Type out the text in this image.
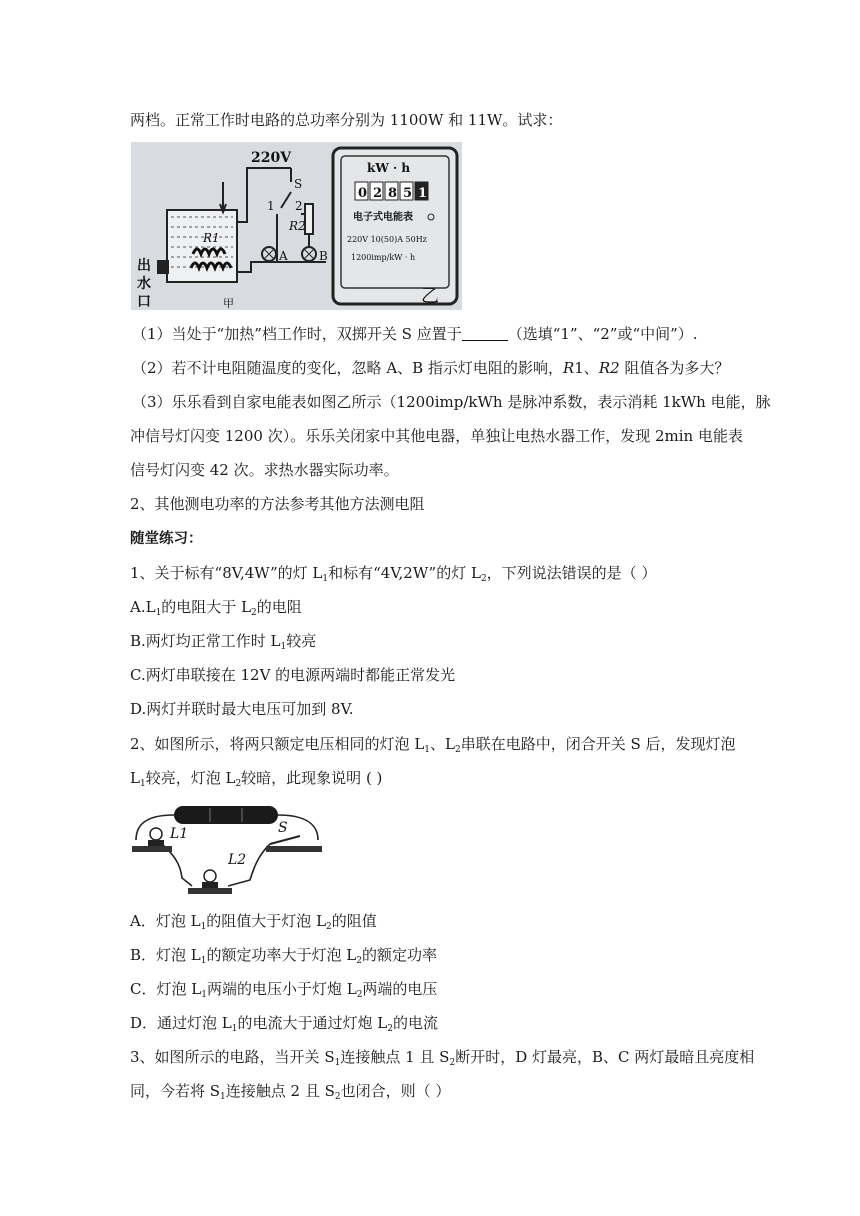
两档。正常工作时电路的总功率分别为 1100W 和 11W。试求：
R1
出
水
口
220V
S
1 2
R2
A	B
甲
kW · h
0 2 8 5 1
电子式电能表
220V 10(50)A 50Hz
1200imp/kW · h
乙
（1）当处于“加热”档工作时，双掷开关 S 应置于	（选填“1”、“2”或“中间”）.
（2）若不计电阻随温度的变化，忽略 A、B 指示灯电阻的影响，R1、R2 阻值各为多大？
（3）乐乐看到自家电能表如图乙所示（1200imp/kWh 是脉冲系数，表示消耗 1kWh 电能，脉
冲信号灯闪变 1200 次）。乐乐关闭家中其他电器，单独让电热水器工作，发现 2min 电能表
信号灯闪变 42 次。求热水器实际功率。
2、其他测电功率的方法参考其他方法测电阻
随堂练习：
1、关于标有“8V,4W”的灯 $L_1$和标有“4V,2W”的灯 $L_2$，下列说法错误的是（ ）
$A.L_1$的电阻大于 $L_2$的电阻
B.两灯均正常工作时 $L_1$较亮
C.两灯串联接在 12V 的电源两端时都能正常发光
D.两灯并联时最大电压可加到 8V.
2、如图所示，将两只额定电压相同的灯泡 $L_1$、$L_2$串联在电路中，闭合开关 S 后，发现灯泡
$L_1$较亮，灯泡 $L_2$较暗，此现象说明 ( )
L1	S
L2
A．灯泡 $L_1$的阻值大于灯泡 $L_2$的阻值
B．灯泡 $L_1$的额定功率大于灯泡 $L_2$的额定功率
C．灯泡 $L_1$两端的电压小于灯炮 $L_2$两端的电压
D．通过灯泡 $L_1$的电流大于通过灯炮 $L_2$的电流
3、如图所示的电路，当开关 $S_1$连接触点 1 且 $S_2$断开时，D 灯最亮，B、C 两灯最暗且亮度相
同，今若将 $S_1$连接触点 2 且 $S_2$也闭合，则（ ）
